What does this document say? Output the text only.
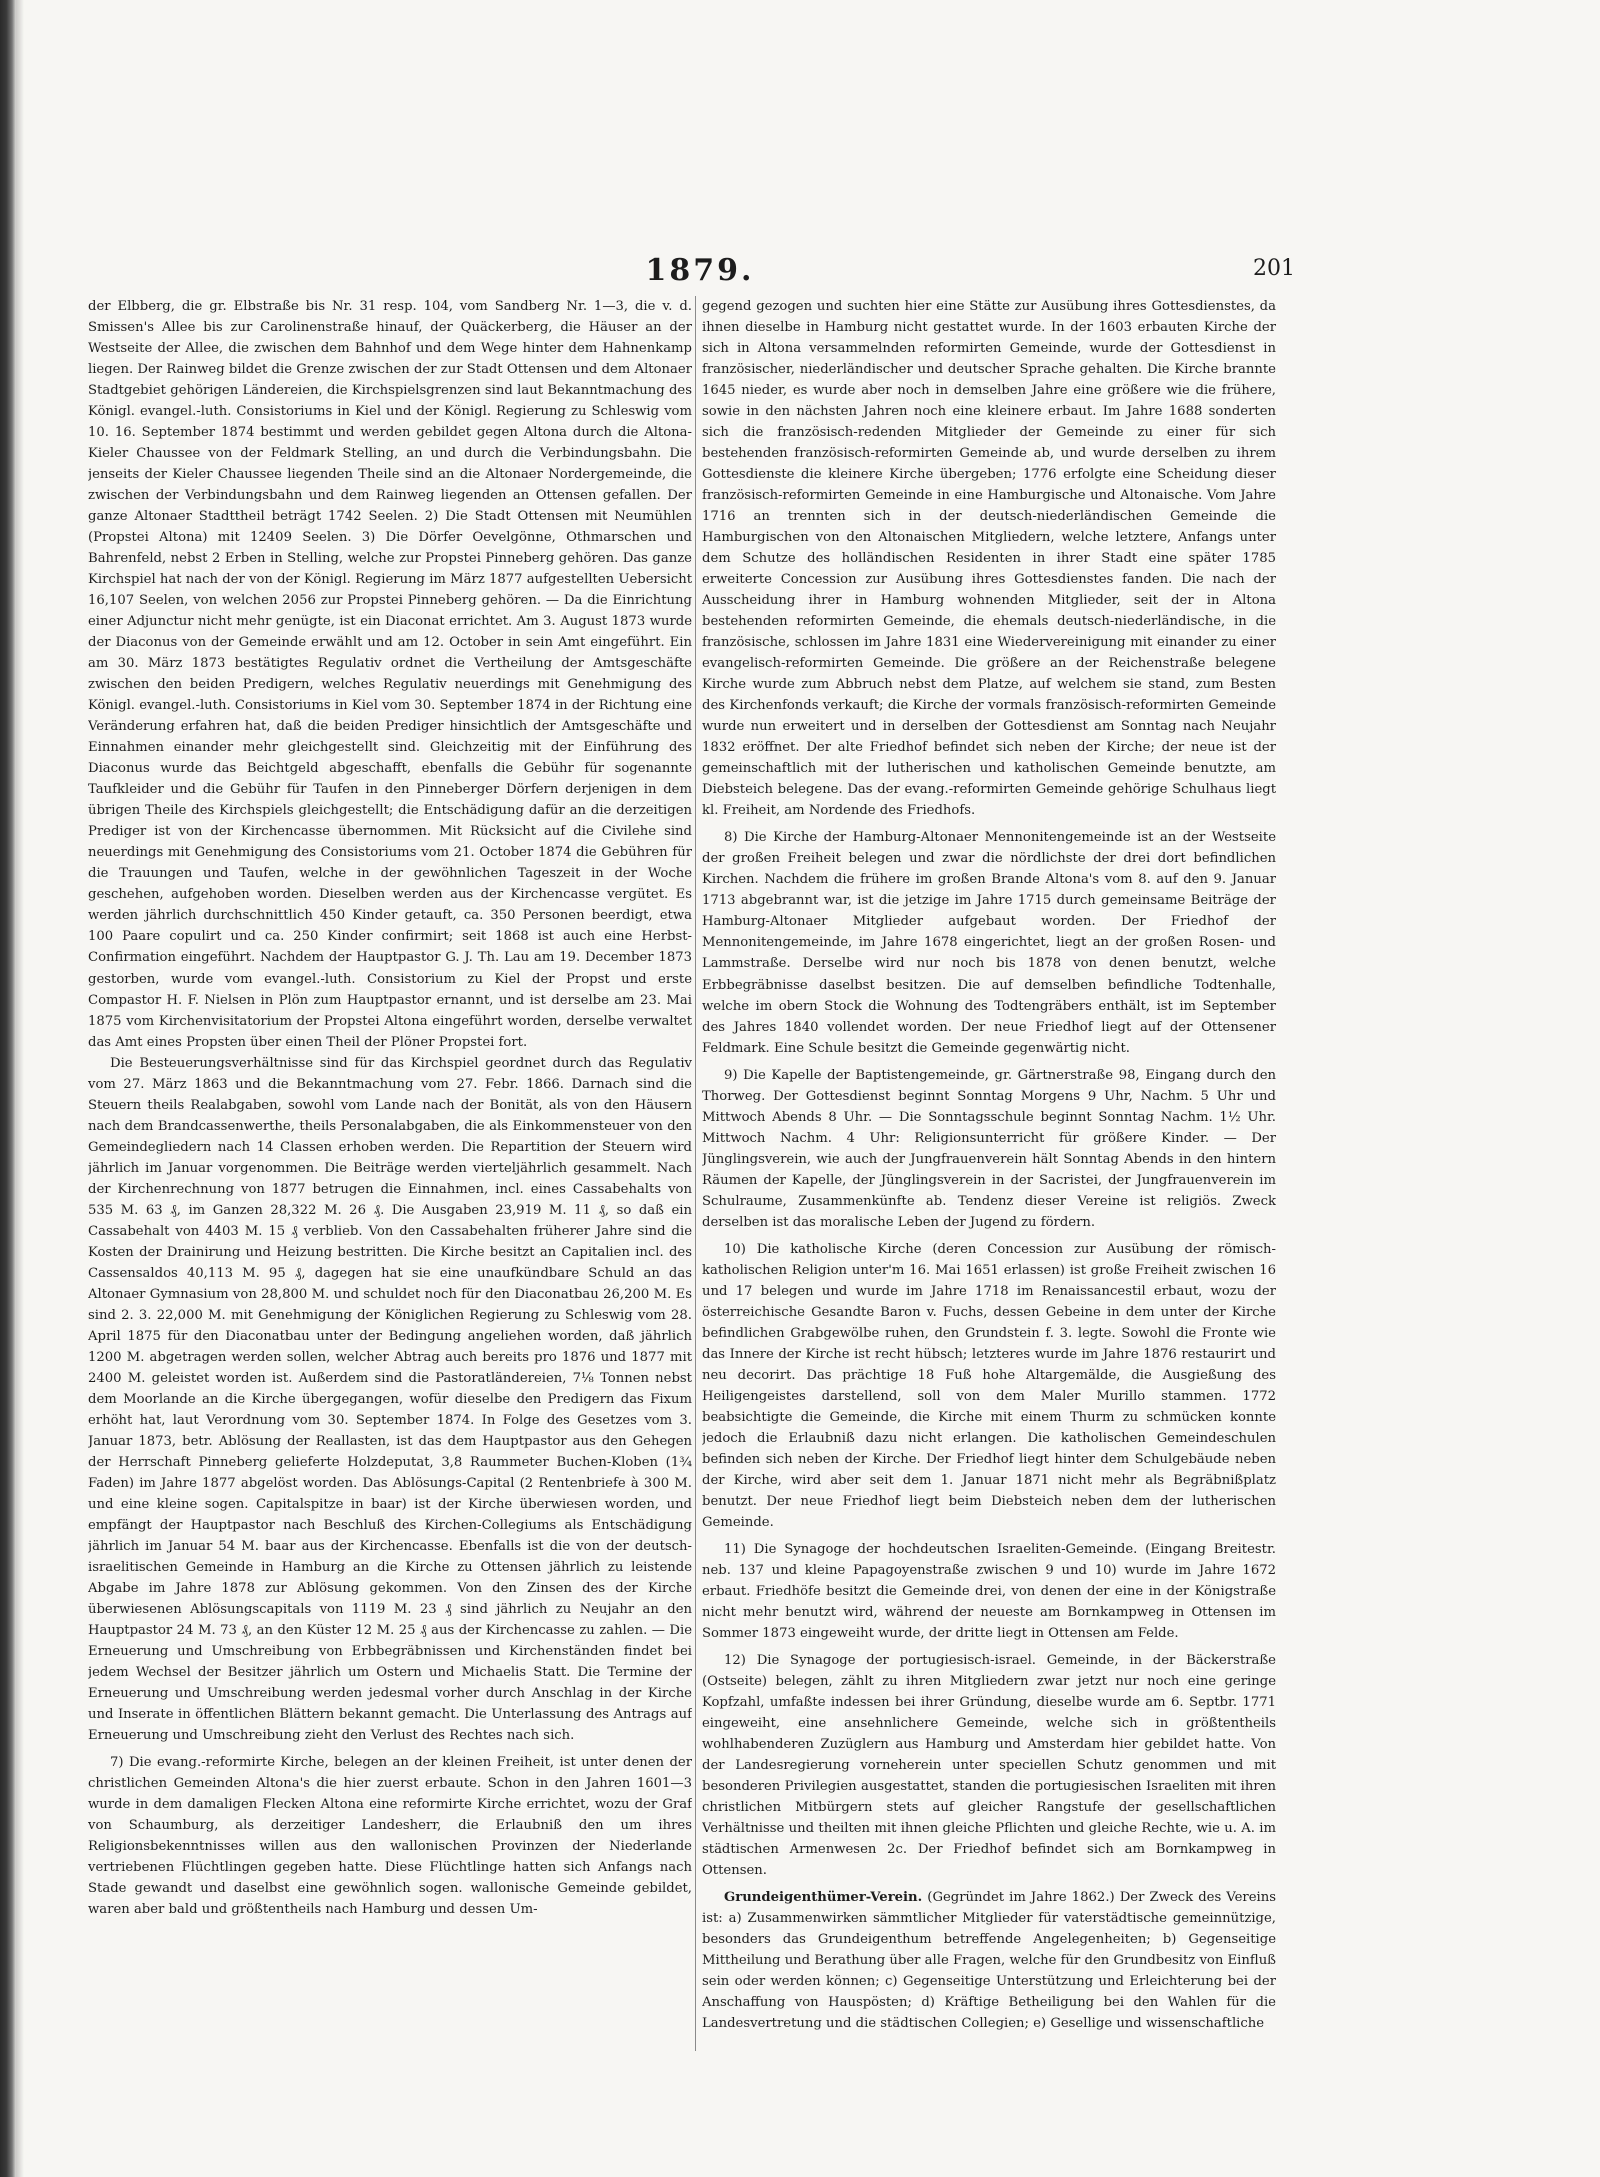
1879.	201

der Elbberg, die gr. Elbstraße bis Nr. 31 resp. 104, vom Sandberg Nr. 1—3, die v. d. Smissen's Allee bis zur Carolinenstraße hinauf, der Quäckerberg, die Häuser an der Westseite der Allee, die zwischen dem Bahnhof und dem Wege hinter dem Hahnenkamp liegen. Der Rainweg bildet die Grenze zwischen der zur Stadt Ottensen und dem Altonaer Stadtgebiet gehörigen Ländereien, die Kirchspielsgrenzen sind laut Bekanntmachung des Königl. evangel.-luth. Consistoriums in Kiel und der Königl. Regierung zu Schleswig vom 10. 16. September 1874 bestimmt und werden gebildet gegen Altona durch die Altona-Kieler Chaussee von der Feldmark Stelling, an und durch die Verbindungsbahn. Die jenseits der Kieler Chaussee liegenden Theile sind an die Altonaer Nordergemeinde, die zwischen der Verbindungsbahn und dem Rainweg liegenden an Ottensen gefallen. Der ganze Altonaer Stadttheil beträgt 1742 Seelen. 2) Die Stadt Ottensen mit Neumühlen (Propstei Altona) mit 12409 Seelen. 3) Die Dörfer Oevelgönne, Othmarschen und Bahrenfeld, nebst 2 Erben in Stelling, welche zur Propstei Pinneberg gehören. Das ganze Kirchspiel hat nach der von der Königl. Regierung im März 1877 aufgestellten Uebersicht 16,107 Seelen, von welchen 2056 zur Propstei Pinneberg gehören. — Da die Einrichtung einer Adjunctur nicht mehr genügte, ist ein Diaconat errichtet. Am 3. August 1873 wurde der Diaconus von der Gemeinde erwählt und am 12. October in sein Amt eingeführt. Ein am 30. März 1873 bestätigtes Regulativ ordnet die Vertheilung der Amtsgeschäfte zwischen den beiden Predigern, welches Regulativ neuerdings mit Genehmigung des Königl. evangel.-luth. Consistoriums in Kiel vom 30. September 1874 in der Richtung eine Veränderung erfahren hat, daß die beiden Prediger hinsichtlich der Amtsgeschäfte und Einnahmen einander mehr gleichgestellt sind. Gleichzeitig mit der Einführung des Diaconus wurde das Beichtgeld abgeschafft, ebenfalls die Gebühr für sogenannte Taufkleider und die Gebühr für Taufen in den Pinneberger Dörfern derjenigen in dem übrigen Theile des Kirchspiels gleichgestellt; die Entschädigung dafür an die derzeitigen Prediger ist von der Kirchencasse übernommen. Mit Rücksicht auf die Civilehe sind neuerdings mit Genehmigung des Consistoriums vom 21. October 1874 die Gebühren für die Trauungen und Taufen, welche in der gewöhnlichen Tageszeit in der Woche geschehen, aufgehoben worden. Dieselben werden aus der Kirchencasse vergütet. Es werden jährlich durchschnittlich 450 Kinder getauft, ca. 350 Personen beerdigt, etwa 100 Paare copulirt und ca. 250 Kinder confirmirt; seit 1868 ist auch eine Herbst-Confirmation eingeführt. Nachdem der Hauptpastor G. J. Th. Lau am 19. December 1873 gestorben, wurde vom evangel.-luth. Consistorium zu Kiel der Propst und erste Compastor H. F. Nielsen in Plön zum Hauptpastor ernannt, und ist derselbe am 23. Mai 1875 vom Kirchenvisitatorium der Propstei Altona eingeführt worden, derselbe verwaltet das Amt eines Propsten über einen Theil der Plöner Propstei fort.

Die Besteuerungsverhältnisse sind für das Kirchspiel geordnet durch das Regulativ vom 27. März 1863 und die Bekanntmachung vom 27. Febr. 1866. Darnach sind die Steuern theils Realabgaben, sowohl vom Lande nach der Bonität, als von den Häusern nach dem Brandcassenwerthe, theils Personalabgaben, die als Einkommensteuer von den Gemeindegliedern nach 14 Classen erhoben werden. Die Repartition der Steuern wird jährlich im Januar vorgenommen. Die Beiträge werden vierteljährlich gesammelt. Nach der Kirchenrechnung von 1877 betrugen die Einnahmen, incl. eines Cassabehalts von 535 M. 63 ₰, im Ganzen 28,322 M. 26 ₰. Die Ausgaben 23,919 M. 11 ₰, so daß ein Cassabehalt von 4403 M. 15 ₰ verblieb. Von den Cassabehalten früherer Jahre sind die Kosten der Drainirung und Heizung bestritten. Die Kirche besitzt an Capitalien incl. des Cassensaldos 40,113 M. 95 ₰, dagegen hat sie eine unaufkündbare Schuld an das Altonaer Gymnasium von 28,800 M. und schuldet noch für den Diaconatbau 26,200 M. Es sind 2. 3. 22,000 M. mit Genehmigung der Königlichen Regierung zu Schleswig vom 28. April 1875 für den Diaconatbau unter der Bedingung angeliehen worden, daß jährlich 1200 M. abgetragen werden sollen, welcher Abtrag auch bereits pro 1876 und 1877 mit 2400 M. geleistet worden ist. Außerdem sind die Pastoratländereien, 7⅛ Tonnen nebst dem Moorlande an die Kirche übergegangen, wofür dieselbe den Predigern das Fixum erhöht hat, laut Verordnung vom 30. September 1874. In Folge des Gesetzes vom 3. Januar 1873, betr. Ablösung der Reallasten, ist das dem Hauptpastor aus den Gehegen der Herrschaft Pinneberg gelieferte Holzdeputat, 3,8 Raummeter Buchen-Kloben (1¾ Faden) im Jahre 1877 abgelöst worden. Das Ablösungs-Capital (2 Rentenbriefe à 300 M. und eine kleine sogen. Capitalspitze in baar) ist der Kirche überwiesen worden, und empfängt der Hauptpastor nach Beschluß des Kirchen-Collegiums als Entschädigung jährlich im Januar 54 M. baar aus der Kirchencasse. Ebenfalls ist die von der deutsch-israelitischen Gemeinde in Hamburg an die Kirche zu Ottensen jährlich zu leistende Abgabe im Jahre 1878 zur Ablösung gekommen. Von den Zinsen des der Kirche überwiesenen Ablösungscapitals von 1119 M. 23 ₰ sind jährlich zu Neujahr an den Hauptpastor 24 M. 73 ₰, an den Küster 12 M. 25 ₰ aus der Kirchencasse zu zahlen. — Die Erneuerung und Umschreibung von Erbbegräbnissen und Kirchenständen findet bei jedem Wechsel der Besitzer jährlich um Ostern und Michaelis Statt. Die Termine der Erneuerung und Umschreibung werden jedesmal vorher durch Anschlag in der Kirche und Inserate in öffentlichen Blättern bekannt gemacht. Die Unterlassung des Antrags auf Erneuerung und Umschreibung zieht den Verlust des Rechtes nach sich.

7) Die evang.-reformirte Kirche, belegen an der kleinen Freiheit, ist unter denen der christlichen Gemeinden Altona's die hier zuerst erbaute. Schon in den Jahren 1601—3 wurde in dem damaligen Flecken Altona eine reformirte Kirche errichtet, wozu der Graf von Schaumburg, als derzeitiger Landesherr, die Erlaubniß den um ihres Religionsbekenntnisses willen aus den wallonischen Provinzen der Niederlande vertriebenen Flüchtlingen gegeben hatte. Diese Flüchtlinge hatten sich Anfangs nach Stade gewandt und daselbst eine gewöhnlich sogen. wallonische Gemeinde gebildet, waren aber bald und größtentheils nach Hamburg und dessen Um-

gegend gezogen und suchten hier eine Stätte zur Ausübung ihres Gottesdienstes, da ihnen dieselbe in Hamburg nicht gestattet wurde. In der 1603 erbauten Kirche der sich in Altona versammelnden reformirten Gemeinde, wurde der Gottesdienst in französischer, niederländischer und deutscher Sprache gehalten. Die Kirche brannte 1645 nieder, es wurde aber noch in demselben Jahre eine größere wie die frühere, sowie in den nächsten Jahren noch eine kleinere erbaut. Im Jahre 1688 sonderten sich die französisch-redenden Mitglieder der Gemeinde zu einer für sich bestehenden französisch-reformirten Gemeinde ab, und wurde derselben zu ihrem Gottesdienste die kleinere Kirche übergeben; 1776 erfolgte eine Scheidung dieser französisch-reformirten Gemeinde in eine Hamburgische und Altonaische. Vom Jahre 1716 an trennten sich in der deutsch-niederländischen Gemeinde die Hamburgischen von den Altonaischen Mitgliedern, welche letztere, Anfangs unter dem Schutze des holländischen Residenten in ihrer Stadt eine später 1785 erweiterte Concession zur Ausübung ihres Gottesdienstes fanden. Die nach der Ausscheidung ihrer in Hamburg wohnenden Mitglieder, seit der in Altona bestehenden reformirten Gemeinde, die ehemals deutsch-niederländische, in die französische, schlossen im Jahre 1831 eine Wiedervereinigung mit einander zu einer evangelisch-reformirten Gemeinde. Die größere an der Reichenstraße belegene Kirche wurde zum Abbruch nebst dem Platze, auf welchem sie stand, zum Besten des Kirchenfonds verkauft; die Kirche der vormals französisch-reformirten Gemeinde wurde nun erweitert und in derselben der Gottesdienst am Sonntag nach Neujahr 1832 eröffnet. Der alte Friedhof befindet sich neben der Kirche; der neue ist der gemeinschaftlich mit der lutherischen und katholischen Gemeinde benutzte, am Diebsteich belegene. Das der evang.-reformirten Gemeinde gehörige Schulhaus liegt kl. Freiheit, am Nordende des Friedhofs.

8) Die Kirche der Hamburg-Altonaer Mennonitengemeinde ist an der Westseite der großen Freiheit belegen und zwar die nördlichste der drei dort befindlichen Kirchen. Nachdem die frühere im großen Brande Altona's vom 8. auf den 9. Januar 1713 abgebrannt war, ist die jetzige im Jahre 1715 durch gemeinsame Beiträge der Hamburg-Altonaer Mitglieder aufgebaut worden. Der Friedhof der Mennonitengemeinde, im Jahre 1678 eingerichtet, liegt an der großen Rosen- und Lammstraße. Derselbe wird nur noch bis 1878 von denen benutzt, welche Erbbegräbnisse daselbst besitzen. Die auf demselben befindliche Todtenhalle, welche im obern Stock die Wohnung des Todtengräbers enthält, ist im September des Jahres 1840 vollendet worden. Der neue Friedhof liegt auf der Ottensener Feldmark. Eine Schule besitzt die Gemeinde gegenwärtig nicht.

9) Die Kapelle der Baptistengemeinde, gr. Gärtnerstraße 98, Eingang durch den Thorweg. Der Gottesdienst beginnt Sonntag Morgens 9 Uhr, Nachm. 5 Uhr und Mittwoch Abends 8 Uhr. — Die Sonntagsschule beginnt Sonntag Nachm. 1½ Uhr. Mittwoch Nachm. 4 Uhr: Religionsunterricht für größere Kinder. — Der Jünglingsverein, wie auch der Jungfrauenverein hält Sonntag Abends in den hintern Räumen der Kapelle, der Jünglingsverein in der Sacristei, der Jungfrauenverein im Schulraume, Zusammenkünfte ab. Tendenz dieser Vereine ist religiös. Zweck derselben ist das moralische Leben der Jugend zu fördern.

10) Die katholische Kirche (deren Concession zur Ausübung der römisch-katholischen Religion unter'm 16. Mai 1651 erlassen) ist große Freiheit zwischen 16 und 17 belegen und wurde im Jahre 1718 im Renaissancestil erbaut, wozu der österreichische Gesandte Baron v. Fuchs, dessen Gebeine in dem unter der Kirche befindlichen Grabgewölbe ruhen, den Grundstein f. 3. legte. Sowohl die Fronte wie das Innere der Kirche ist recht hübsch; letzteres wurde im Jahre 1876 restaurirt und neu decorirt. Das prächtige 18 Fuß hohe Altargemälde, die Ausgießung des Heiligengeistes darstellend, soll von dem Maler Murillo stammen. 1772 beabsichtigte die Gemeinde, die Kirche mit einem Thurm zu schmücken konnte jedoch die Erlaubniß dazu nicht erlangen. Die katholischen Gemeindeschulen befinden sich neben der Kirche. Der Friedhof liegt hinter dem Schulgebäude neben der Kirche, wird aber seit dem 1. Januar 1871 nicht mehr als Begräbnißplatz benutzt. Der neue Friedhof liegt beim Diebsteich neben dem der lutherischen Gemeinde.

11) Die Synagoge der hochdeutschen Israeliten-Gemeinde. (Eingang Breitestr. neb. 137 und kleine Papagoyenstraße zwischen 9 und 10) wurde im Jahre 1672 erbaut. Friedhöfe besitzt die Gemeinde drei, von denen der eine in der Königstraße nicht mehr benutzt wird, während der neueste am Bornkampweg in Ottensen im Sommer 1873 eingeweiht wurde, der dritte liegt in Ottensen am Felde.

12) Die Synagoge der portugiesisch-israel. Gemeinde, in der Bäckerstraße (Ostseite) belegen, zählt zu ihren Mitgliedern zwar jetzt nur noch eine geringe Kopfzahl, umfaßte indessen bei ihrer Gründung, dieselbe wurde am 6. Septbr. 1771 eingeweiht, eine ansehnlichere Gemeinde, welche sich in größtentheils wohlhabenderen Zuzüglern aus Hamburg und Amsterdam hier gebildet hatte. Von der Landesregierung vorneherein unter speciellen Schutz genommen und mit besonderen Privilegien ausgestattet, standen die portugiesischen Israeliten mit ihren christlichen Mitbürgern stets auf gleicher Rangstufe der gesellschaftlichen Verhältnisse und theilten mit ihnen gleiche Pflichten und gleiche Rechte, wie u. A. im städtischen Armenwesen 2c. Der Friedhof befindet sich am Bornkampweg in Ottensen.

Grundeigenthümer-Verein. (Gegründet im Jahre 1862.) Der Zweck des Vereins ist: a) Zusammenwirken sämmtlicher Mitglieder für vaterstädtische gemeinnützige, besonders das Grundeigenthum betreffende Angelegenheiten; b) Gegenseitige Mittheilung und Berathung über alle Fragen, welche für den Grundbesitz von Einfluß sein oder werden können; c) Gegenseitige Unterstützung und Erleichterung bei der Anschaffung von Hauspösten; d) Kräftige Betheiligung bei den Wahlen für die Landesvertretung und die städtischen Collegien; e) Gesellige und wissenschaftliche
